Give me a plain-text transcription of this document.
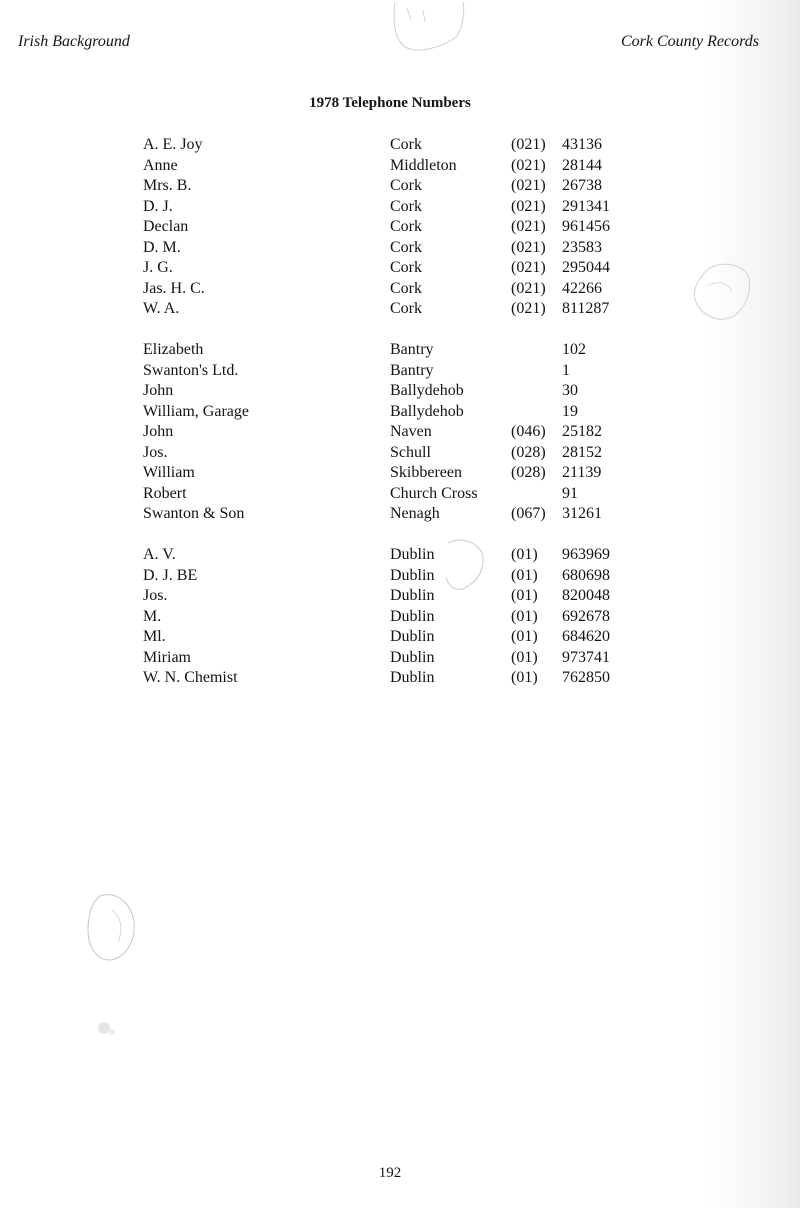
Irish Background	Cork County Records
1978 Telephone Numbers
A. E. Joy	Cork	(021) 43136
Anne	Middleton	(021) 28144
Mrs. B.	Cork	(021) 26738
D. J.	Cork	(021) 291341
Declan	Cork	(021) 961456
D. M.	Cork	(021) 23583
J. G.	Cork	(021) 295044
Jas. H. C.	Cork	(021) 42266
W. A.	Cork	(021) 811287
Elizabeth	Bantry	102
Swanton's Ltd.	Bantry	1
John	Ballydehob	30
William, Garage	Ballydehob	19
John	Naven	(046) 25182
Jos.	Schull	(028) 28152
William	Skibbereen	(028) 21139
Robert	Church Cross	91
Swanton & Son	Nenagh	(067) 31261
A. V.	Dublin	(01) 963969
D. J. BE	Dublin	(01) 680698
Jos.	Dublin	(01) 820048
M.	Dublin	(01) 692678
Ml.	Dublin	(01) 684620
Miriam	Dublin	(01) 973741
W. N. Chemist	Dublin	(01) 762850
192
